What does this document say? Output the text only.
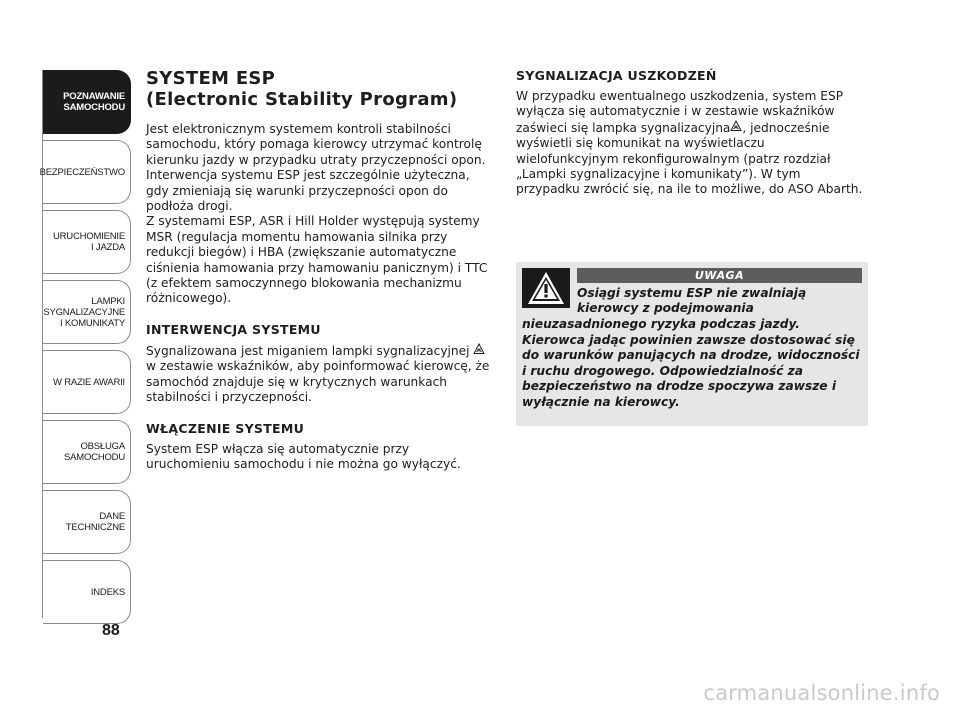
POZNAWANIE
SAMOCHODU
BEZPIECZEŃSTWO
URUCHOMIENIE
I JAZDA
LAMPKI
SYGNALIZACYJNE
I KOMUNIKATY
W RAZIE AWARII
OBSŁUGA
SAMOCHODU
DANE
TECHNICZNE
INDEKS
88
SYSTEM ESP
(Electronic Stability Program)

Jest elektronicznym systemem kontroli stabilności samochodu, który pomaga kierowcy utrzymać kontrolę kierunku jazdy w przypadku utraty przyczepności opon. Interwencja systemu ESP jest szczególnie użyteczna, gdy zmieniają się warunki przyczepności opon do podłoża drogi.

Z systemami ESP, ASR i Hill Holder występują systemy MSR (regulacja momentu hamowania silnika przy redukcji biegów) i HBA (zwiększanie automatyczne ciśnienia hamowania przy hamowaniu panicznym) i TTC (z efektem samoczynnego blokowania mechanizmu różnicowego).

INTERWENCJA SYSTEMU

Sygnalizowana jest miganiem lampki sygnalizacyjnej  w zestawie wskaźników, aby poinformować kierowcę, że samochód znajduje się w krytycznych warunkach stabilności i przyczepności.

WŁĄCZENIE SYSTEMU

System ESP włącza się automatycznie przy uruchomieniu samochodu i nie można go wyłączyć.

SYGNALIZACJA USZKODZEŃ

W przypadku ewentualnego uszkodzenia, system ESP wyłącza się automatycznie i w zestawie wskaźników zaświeci się lampka sygnalizacyjna , jednocześnie wyświetli się komunikat na wyświetlaczu wielofunkcyjnym rekonfigurowalnym (patrz rozdział „Lampki sygnalizacyjne i komunikaty”). W tym przypadku zwrócić się, na ile to możliwe, do ASO Abarth.

UWAGA
Osiągi systemu ESP nie zwalniają kierowcy z podejmowania
nieuzasadnionego ryzyka podczas jazdy. Kierowca jadąc powinien zawsze dostosować się do warunków panujących na drodze, widoczności i ruchu drogowego. Odpowiedzialność za bezpieczeństwo na drodze spoczywa zawsze i wyłącznie na kierowcy.
carmanualsonline.info
